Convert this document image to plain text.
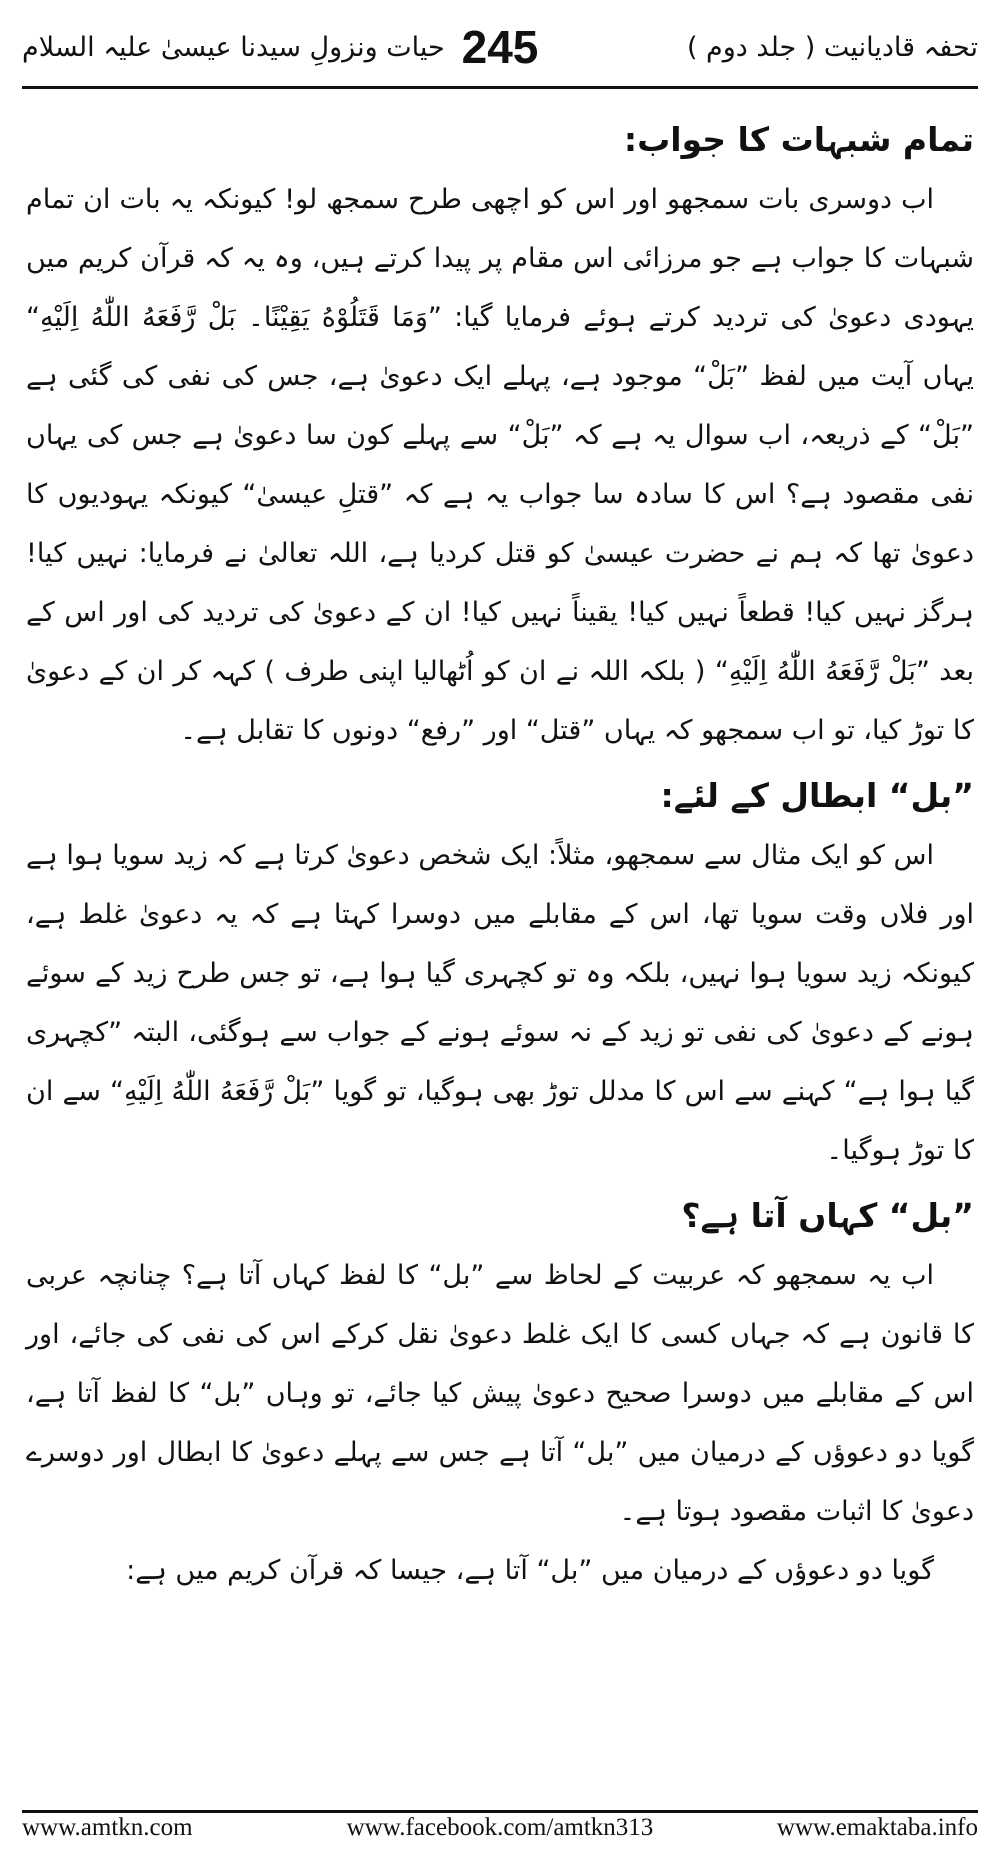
تحفہ قادیانیت ( جلد دوم )
245
حیات ونزولِ سیدنا عیسیٰ علیہ السلام
تمام شبہات کا جواب:

اب دوسری بات سمجھو اور اس کو اچھی طرح سمجھ لو! کیونکہ یہ بات ان تمام شبہات کا جواب ہے جو مرزائی اس مقام پر پیدا کرتے ہیں، وہ یہ کہ قرآن کریم میں یہودی دعویٰ کی تردید کرتے ہوئے فرمایا گیا: ”وَمَا قَتَلُوْهُ یَقِیْنًا۔ بَلْ رَّفَعَهُ اللّٰهُ اِلَیْهِ“ یہاں آیت میں لفظ ”بَلْ“ موجود ہے، پہلے ایک دعویٰ ہے، جس کی نفی کی گئی ہے ”بَلْ“ کے ذریعہ، اب سوال یہ ہے کہ ”بَلْ“ سے پہلے کون سا دعویٰ ہے جس کی یہاں نفی مقصود ہے؟ اس کا سادہ سا جواب یہ ہے کہ ”قتلِ عیسیٰ“ کیونکہ یہودیوں کا دعویٰ تھا کہ ہم نے حضرت عیسیٰ کو قتل کردیا ہے، اللہ تعالیٰ نے فرمایا: نہیں کیا! ہرگز نہیں کیا! قطعاً نہیں کیا! یقیناً نہیں کیا! ان کے دعویٰ کی تردید کی اور اس کے بعد ”بَلْ رَّفَعَهُ اللّٰهُ اِلَیْهِ“ ( بلکہ اللہ نے ان کو اُٹھالیا اپنی طرف ) کہہ کر ان کے دعویٰ کا توڑ کیا، تو اب سمجھو کہ یہاں ”قتل“ اور ”رفع“ دونوں کا تقابل ہے۔

”بل“ ابطال کے لئے:

اس کو ایک مثال سے سمجھو، مثلاً: ایک شخص دعویٰ کرتا ہے کہ زید سویا ہوا ہے اور فلاں وقت سویا تھا، اس کے مقابلے میں دوسرا کہتا ہے کہ یہ دعویٰ غلط ہے، کیونکہ زید سویا ہوا نہیں، بلکہ وہ تو کچہری گیا ہوا ہے، تو جس طرح زید کے سوئے ہونے کے دعویٰ کی نفی تو زید کے نہ سوئے ہونے کے جواب سے ہوگئی، البتہ ”کچہری گیا ہوا ہے“ کہنے سے اس کا مدلل توڑ بھی ہوگیا، تو گویا ”بَلْ رَّفَعَهُ اللّٰهُ اِلَیْهِ“ سے ان کا توڑ ہوگیا۔

”بل“ کہاں آتا ہے؟

اب یہ سمجھو کہ عربیت کے لحاظ سے ”بل“ کا لفظ کہاں آتا ہے؟ چنانچہ عربی کا قانون ہے کہ جہاں کسی کا ایک غلط دعویٰ نقل کرکے اس کی نفی کی جائے، اور اس کے مقابلے میں دوسرا صحیح دعویٰ پیش کیا جائے، تو وہاں ”بل“ کا لفظ آتا ہے، گویا دو دعوؤں کے درمیان میں ”بل“ آتا ہے جس سے پہلے دعویٰ کا ابطال اور دوسرے دعویٰ کا اثبات مقصود ہوتا ہے۔

گویا دو دعوؤں کے درمیان میں ”بل“ آتا ہے، جیسا کہ قرآن کریم میں ہے:

www.amtkn.com	www.facebook.com/amtkn313	www.emaktaba.info
